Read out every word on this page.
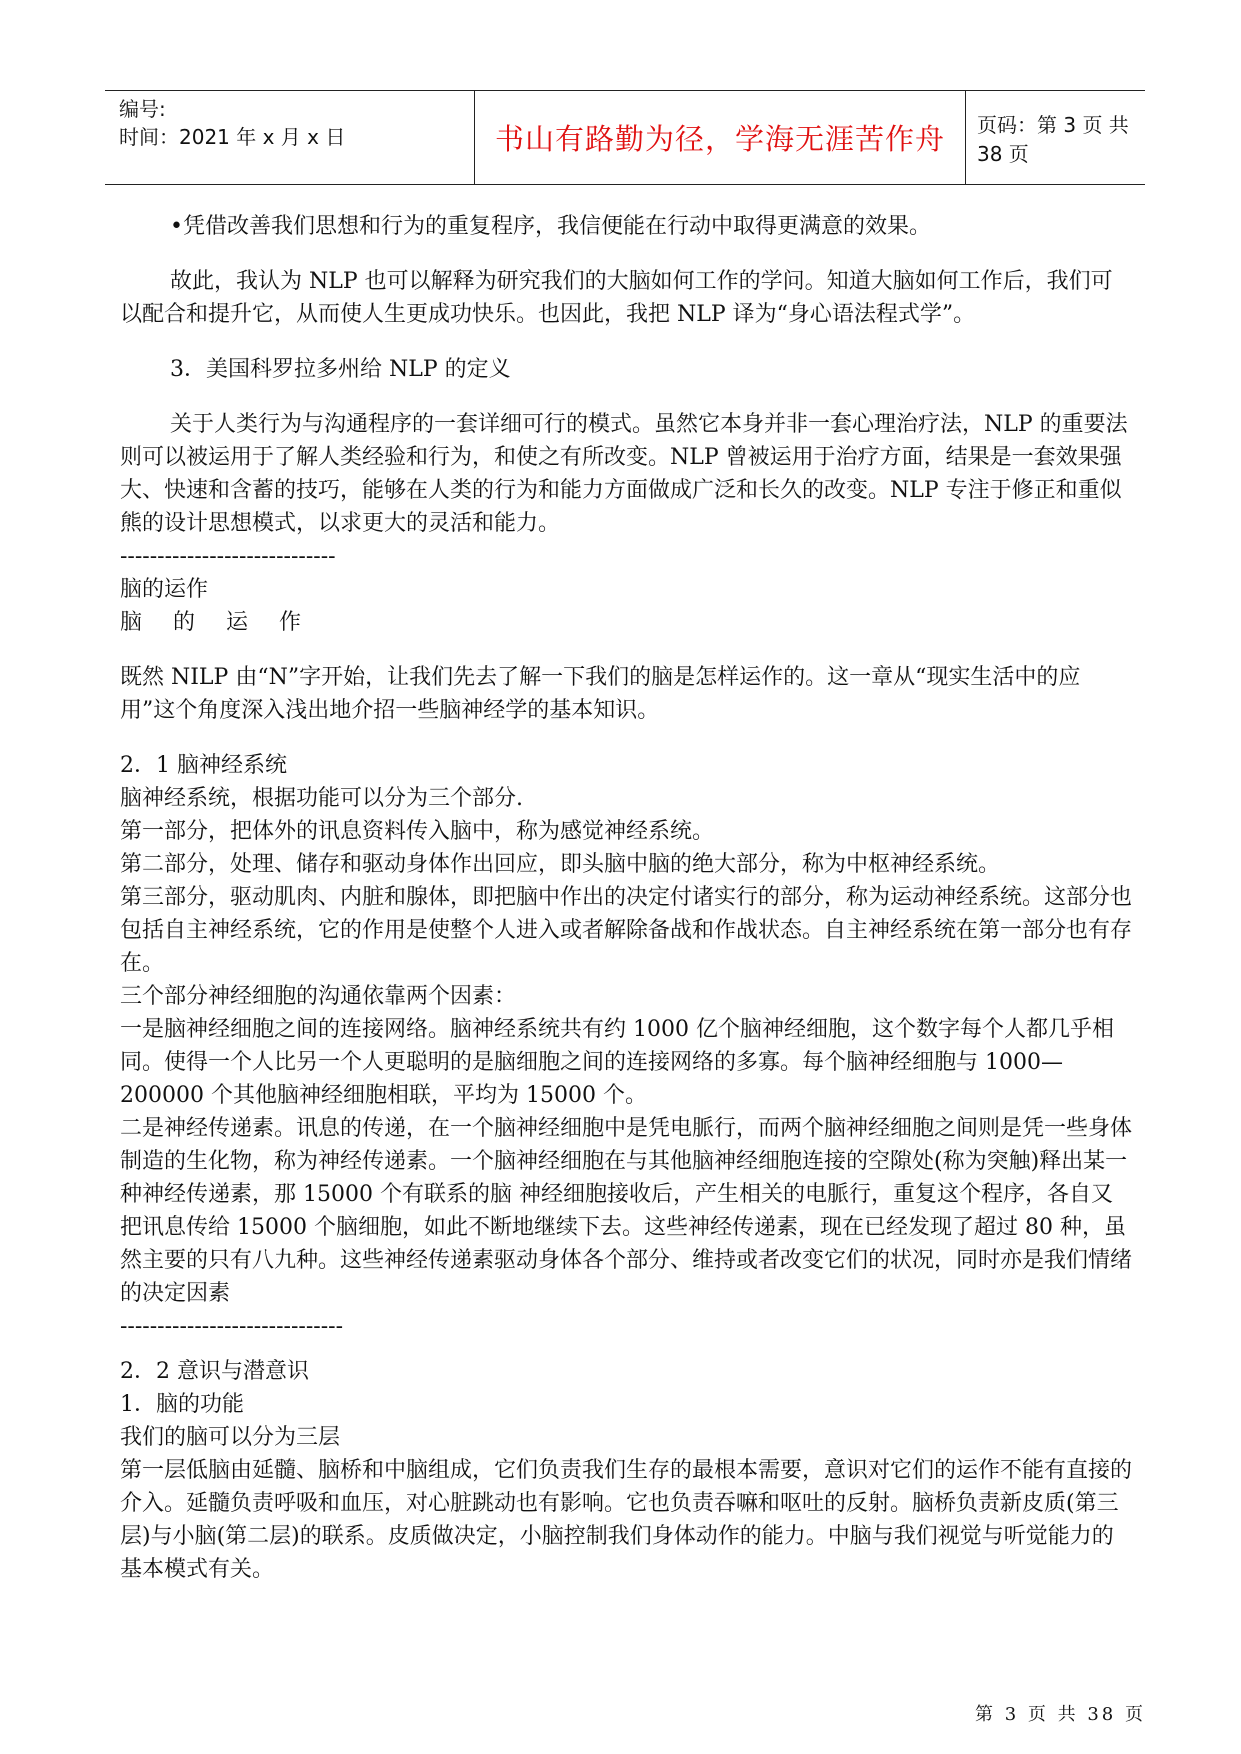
编号:
时间：2021 年 x 月 x 日	书山有路勤为径，学海无涯苦作舟 页码：第 3 页 共 38 页

•凭借改善我们思想和行为的重复程序，我信便能在行动中取得更满意的效果。

故此，我认为 NLP 也可以解释为研究我们的大脑如何工作的学问。知道大脑如何工作后，我们可以配合和提升它，从而使人生更成功快乐。也因此，我把 NLP 译为“身心语法程式学”。

3．美国科罗拉多州给 NLP 的定义

关于人类行为与沟通程序的一套详细可行的模式。虽然它本身并非一套心理治疗法，NLP 的重要法则可以被运用于了解人类经验和行为，和使之有所改变。NLP 曾被运用于治疗方面，结果是一套效果强大、快速和含蓄的技巧，能够在人类的行为和能力方面做成广泛和长久的改变。NLP 专注于修正和重似熊的设计思想模式，以求更大的灵活和能力。

-----------------------------

脑的运作

脑 的 运 作

既然 NILP 由“N”字开始，让我们先去了解一下我们的脑是怎样运作的。这一章从“现实生活中的应用”这个角度深入浅出地介招一些脑神经学的基本知识。

2．1 脑神经系统

脑神经系统，根据功能可以分为三个部分.

第一部分，把体外的讯息资料传入脑中，称为感觉神经系统。

第二部分，处理、储存和驱动身体作出回应，即头脑中脑的绝大部分，称为中枢神经系统。

第三部分，驱动肌肉、内脏和腺体，即把脑中作出的决定付诸实行的部分，称为运动神经系统。这部分也包括自主神经系统，它的作用是使整个人进入或者解除备战和作战状态。自主神经系统在第一部分也有存在。

三个部分神经细胞的沟通依靠两个因素：

一是脑神经细胞之间的连接网络。脑神经系统共有约 1000 亿个脑神经细胞，这个数字每个人都几乎相同。使得一个人比另一个人更聪明的是脑细胞之间的连接网络的多寡。每个脑神经细胞与 1000—200000 个其他脑神经细胞相联，平均为 15000 个。

二是神经传递素。讯息的传递，在一个脑神经细胞中是凭电脈行，而两个脑神经细胞之间则是凭一些身体制造的生化物，称为神经传递素。一个脑神经细胞在与其他脑神经细胞连接的空隙处(称为突触)释出某一种神经传递素，那 15000 个有联系的脑 神经细胞接收后，产生相关的电脈行，重复这个程序，各自又把讯息传给 15000 个脑细胞，如此不断地继续下去。这些神经传递素，现在已经发现了超过 80 种，虽然主要的只有八九种。这些神经传递素驱动身体各个部分、维持或者改变它们的状况，同时亦是我们情绪的决定因素

------------------------------

2．2 意识与潜意识

1．脑的功能

我们的脑可以分为三层

第一层低脑由延髓、脑桥和中脑组成，它们负责我们生存的最根本需要，意识对它们的运作不能有直接的介入。延髓负责呼吸和血压，对心脏跳动也有影响。它也负责吞嘛和呕吐的反射。脑桥负责新皮质(第三层)与小脑(第二层)的联系。皮质做决定，小脑控制我们身体动作的能力。中脑与我们视觉与听觉能力的基本模式有关。

第 3 页 共 38 页
